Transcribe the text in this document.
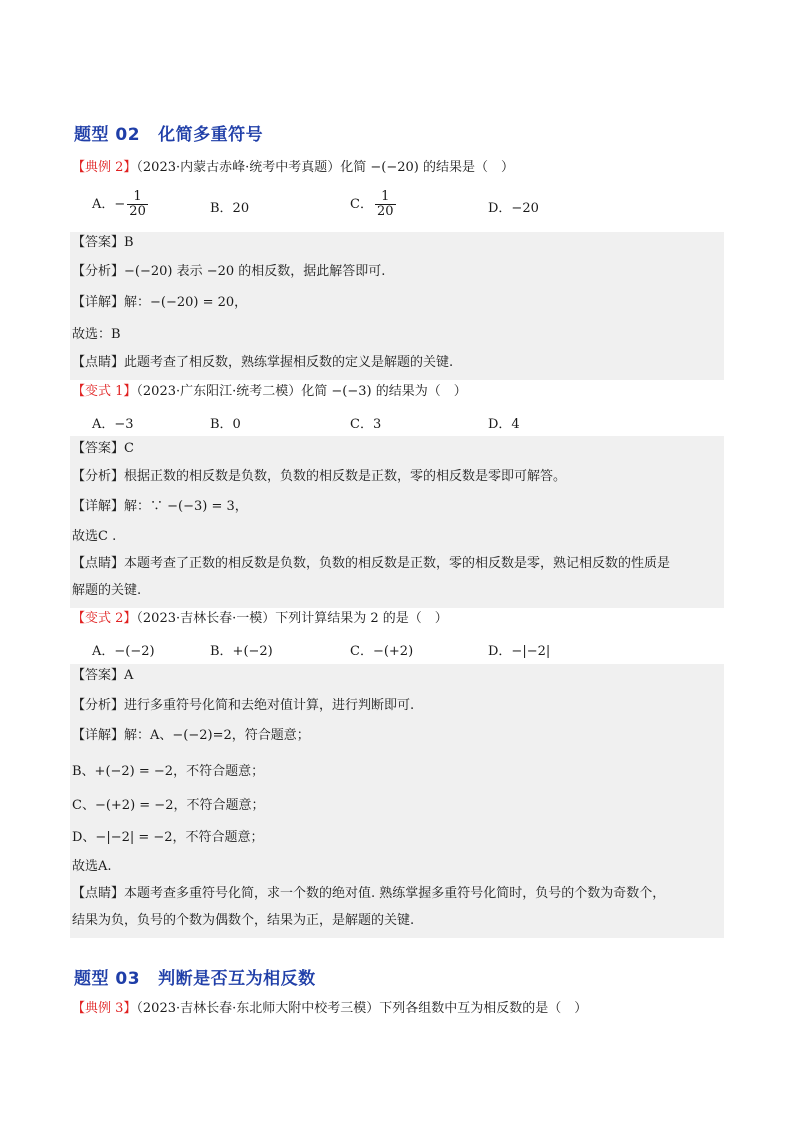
题型 02 化简多重符号
【典例 2】（2023·内蒙古赤峰·统考中考真题）化简 −(−20) 的结果是（　）
A．− $\frac{1}{20}$	B．20	C． $\frac{1}{20}$	D．−20
【答案】B
【分析】−(−20) 表示 −20 的相反数，据此解答即可.
【详解】解：−(−20) = 20，
故选：B
【点睛】此题考查了相反数，熟练掌握相反数的定义是解题的关键.
【变式 1】（2023·广东阳江·统考二模）化简 −(−3) 的结果为（　）
A．−3	B．0	C．3	D．4
【答案】C
【分析】根据正数的相反数是负数，负数的相反数是正数，零的相反数是零即可解答。
【详解】解：∵ −(−3) = 3，
故选C .
【点睛】本题考查了正数的相反数是负数，负数的相反数是正数，零的相反数是零，熟记相反数的性质是
解题的关键.
【变式 2】（2023·吉林长春·一模）下列计算结果为 2 的是（　）
A．−(−2)	B．+(−2)	C．−(+2)	D．−|−2|
【答案】A
【分析】进行多重符号化简和去绝对值计算，进行判断即可.
【详解】解：A、−(−2)=2，符合题意；
B、+(−2) = −2，不符合题意；
C、−(+2) = −2，不符合题意；
D、−|−2| = −2，不符合题意；
故选A.
【点睛】本题考查多重符号化简，求一个数的绝对值. 熟练掌握多重符号化简时，负号的个数为奇数个，
结果为负，负号的个数为偶数个，结果为正，是解题的关键.
题型 03 判断是否互为相反数
【典例 3】（2023·吉林长春·东北师大附中校考三模）下列各组数中互为相反数的是（　）
